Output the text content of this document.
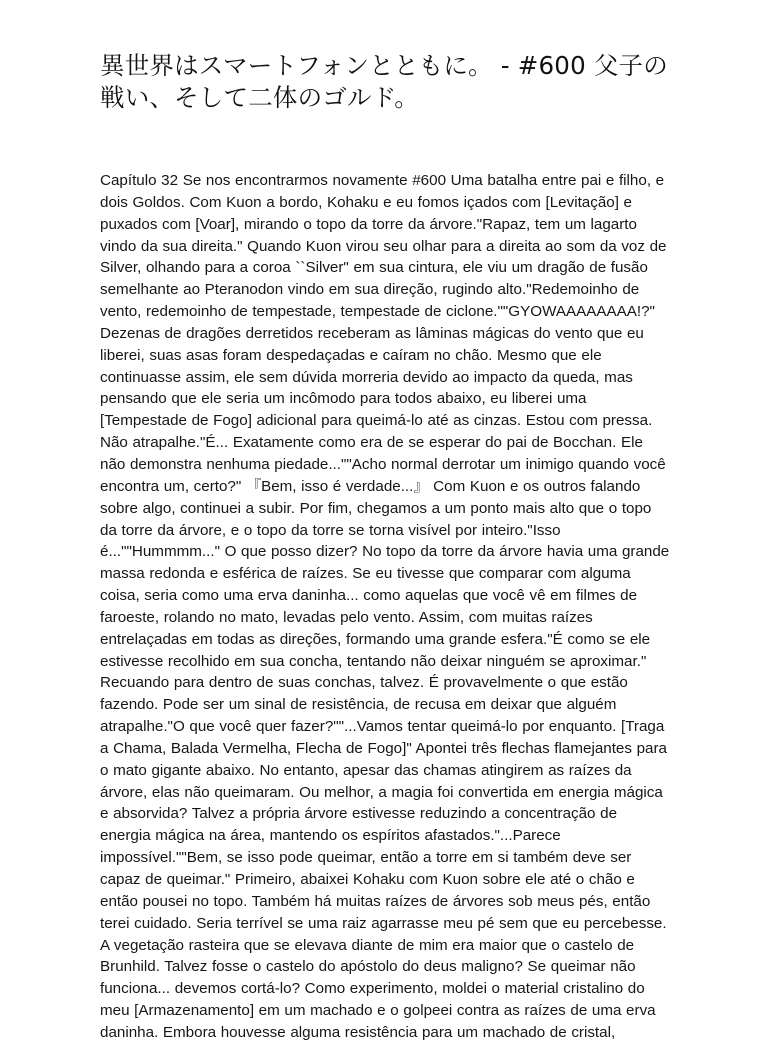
異世界はスマートフォンとともに。 - #600 父子の戦い、そして二体のゴルド。

Capítulo 32 Se nos encontrarmos novamente #600 Uma batalha entre pai e filho, e dois Goldos. Com Kuon a bordo, Kohaku e eu fomos içados com [Levitação] e puxados com [Voar], mirando o topo da torre da árvore."Rapaz, tem um lagarto vindo da sua direita." Quando Kuon virou seu olhar para a direita ao som da voz de Silver, olhando para a coroa ``Silver" em sua cintura, ele viu um dragão de fusão semelhante ao Pteranodon vindo em sua direção, rugindo alto."Redemoinho de vento, redemoinho de tempestade, tempestade de ciclone.""GYOWAAAAAAAA!?" Dezenas de dragões derretidos receberam as lâminas mágicas do vento que eu liberei, suas asas foram despedaçadas e caíram no chão. Mesmo que ele continuasse assim, ele sem dúvida morreria devido ao impacto da queda, mas pensando que ele seria um incômodo para todos abaixo, eu liberei uma [Tempestade de Fogo] adicional para queimá-lo até as cinzas. Estou com pressa. Não atrapalhe."É... Exatamente como era de se esperar do pai de Bocchan. Ele não demonstra nenhuma piedade...""Acho normal derrotar um inimigo quando você encontra um, certo?" 『Bem, isso é verdade...』 Com Kuon e os outros falando sobre algo, continuei a subir. Por fim, chegamos a um ponto mais alto que o topo da torre da árvore, e o topo da torre se torna visível por inteiro."Isso é...""Hummmm..." O que posso dizer? No topo da torre da árvore havia uma grande massa redonda e esférica de raízes. Se eu tivesse que comparar com alguma coisa, seria como uma erva daninha... como aquelas que você vê em filmes de faroeste, rolando no mato, levadas pelo vento. Assim, com muitas raízes entrelaçadas em todas as direções, formando uma grande esfera."É como se ele estivesse recolhido em sua concha, tentando não deixar ninguém se aproximar." Recuando para dentro de suas conchas, talvez. É provavelmente o que estão fazendo. Pode ser um sinal de resistência, de recusa em deixar que alguém atrapalhe."O que você quer fazer?""...Vamos tentar queimá-lo por enquanto. [Traga a Chama, Balada Vermelha, Flecha de Fogo]" Apontei três flechas flamejantes para o mato gigante abaixo. No entanto, apesar das chamas atingirem as raízes da árvore, elas não queimaram. Ou melhor, a magia foi convertida em energia mágica e absorvida? Talvez a própria árvore estivesse reduzindo a concentração de energia mágica na área, mantendo os espíritos afastados."...Parece impossível.""Bem, se isso pode queimar, então a torre em si também deve ser capaz de queimar." Primeiro, abaixei Kohaku com Kuon sobre ele até o chão e então pousei no topo. Também há muitas raízes de árvores sob meus pés, então terei cuidado. Seria terrível se uma raiz agarrasse meu pé sem que eu percebesse. A vegetação rasteira que se elevava diante de mim era maior que o castelo de Brunhild. Talvez fosse o castelo do apóstolo do deus maligno? Se queimar não funciona... devemos cortá-lo? Como experimento, moldei o material cristalino do meu [Armazenamento] em um machado e o golpeei contra as raízes de uma erva daninha. Embora houvesse alguma resistência para um machado de cristal,
